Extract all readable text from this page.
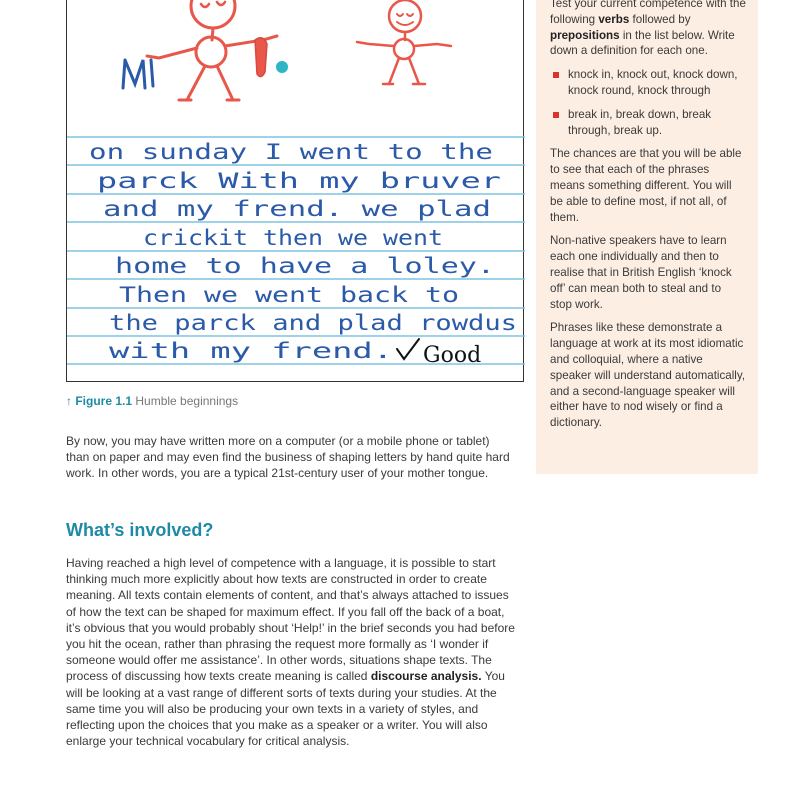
on sunday I went to the
parck With my bruver
and my frend. we plad
crickit then we went
home to have a loley.
Then we went back to
the parck and plad rowdus
with my frend. Good
↑ Figure 1.1 Humble beginnings

By now, you may have written more on a computer (or a mobile phone or tablet) than on paper and may even find the business of shaping letters by hand quite hard work. In other words, you are a typical 21st-century user of your mother tongue.

What’s involved?

Having reached a high level of competence with a language, it is possible to start thinking much more explicitly about how texts are constructed in order to create meaning. All texts contain elements of content, and that’s always attached to issues of how the text can be shaped for maximum effect. If you fall off the back of a boat, it’s obvious that you would probably shout ‘Help!’ in the brief seconds you had before you hit the ocean, rather than phrasing the request more formally as ‘I wonder if someone would offer me assistance’. In other words, situations shape texts. The process of discussing how texts create meaning is called discourse analysis. You will be looking at a vast range of different sorts of texts during your studies. At the same time you will also be producing your own texts in a variety of styles, and reflecting upon the choices that you make as a speaker or a writer. You will also enlarge your technical vocabulary for critical analysis.

Test your current competence with the following verbs followed by prepositions in the list below. Write down a definition for each one.

knock in, knock out, knock down, knock round, knock through
break in, break down, break through, break up.

The chances are that you will be able to see that each of the phrases means something different. You will be able to define most, if not all, of them.

Non-native speakers have to learn each one individually and then to realise that in British English ‘knock off’ can mean both to steal and to stop work.

Phrases like these demonstrate a language at work at its most idiomatic and colloquial, where a native speaker will understand automatically, and a second-language speaker will either have to nod wisely or find a dictionary.
